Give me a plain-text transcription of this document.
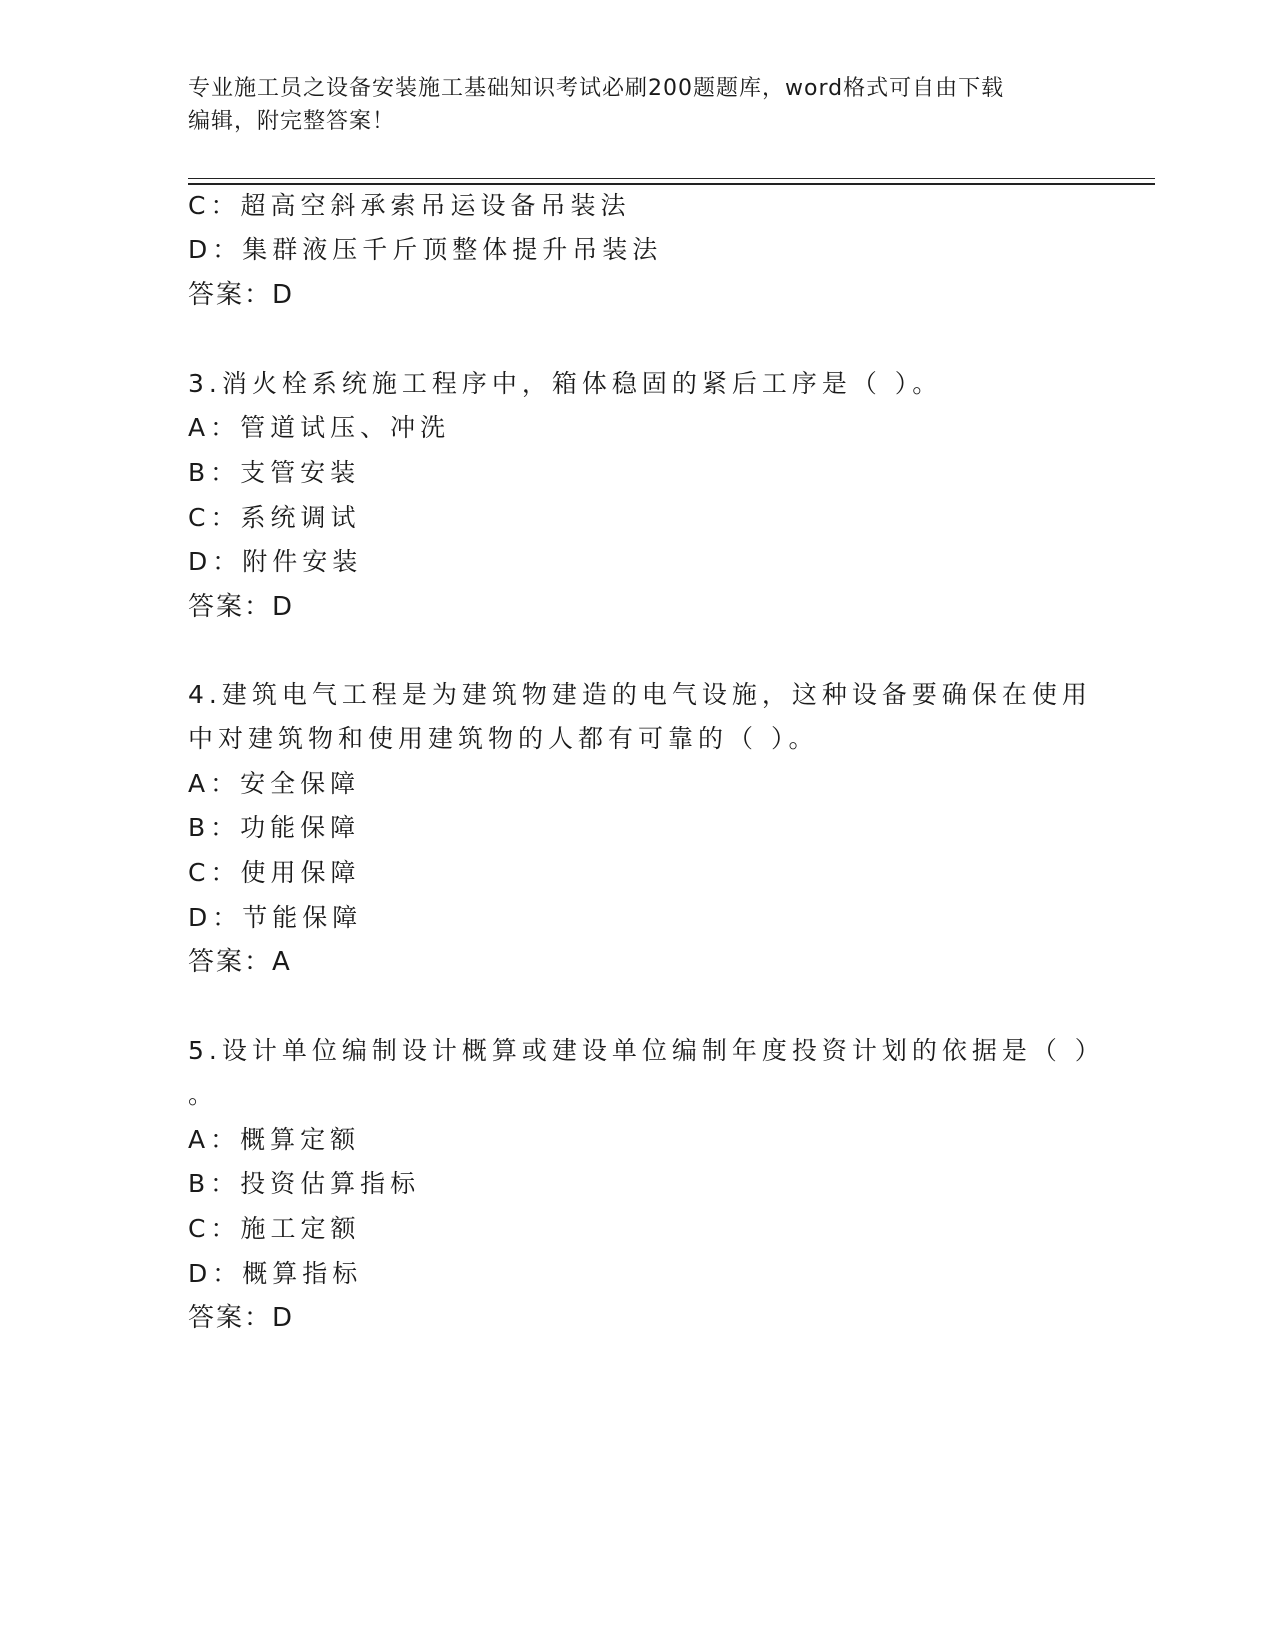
专业施工员之设备安装施工基础知识考试必刷200题题库，word格式可自由下载
编辑，附完整答案！
C：超高空斜承索吊运设备吊装法
D：集群液压千斤顶整体提升吊装法
答案：D
3.消火栓系统施工程序中，箱体稳固的紧后工序是（ ）。
A：管道试压、冲洗
B：支管安装
C：系统调试
D：附件安装
答案：D
4.建筑电气工程是为建筑物建造的电气设施，这种设备要确保在使用
中对建筑物和使用建筑物的人都有可靠的（ ）。
A：安全保障
B：功能保障
C：使用保障
D：节能保障
答案：A
5.设计单位编制设计概算或建设单位编制年度投资计划的依据是（ ）
。
A：概算定额
B：投资估算指标
C：施工定额
D：概算指标
答案：D
